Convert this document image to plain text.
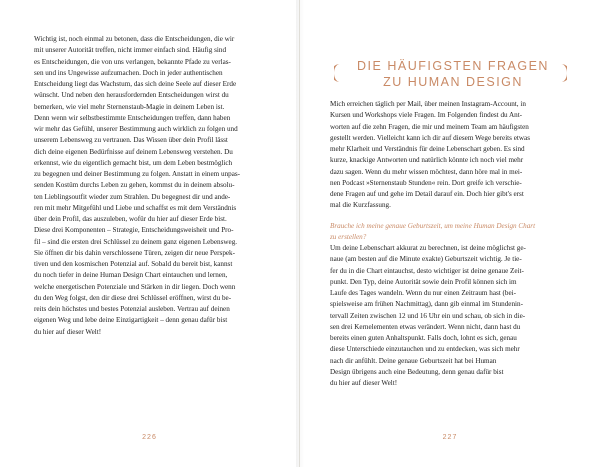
Wichtig ist, noch einmal zu betonen, dass die Entscheidungen, die wir
mit unserer Autorität treffen, nicht immer einfach sind. Häufig sind
es Entscheidungen, die von uns verlangen, bekannte Pfade zu verlas-
sen und ins Ungewisse aufzumachen. Doch in jeder authentischen
Entscheidung liegt das Wachstum, das sich deine Seele auf dieser Erde
wünscht. Und neben den herausfordernden Entscheidungen wirst du
bemerken, wie viel mehr Sternenstaub-Magie in deinem Leben ist.
Denn wenn wir selbstbestimmte Entscheidungen treffen, dann haben
wir mehr das Gefühl, unserer Bestimmung auch wirklich zu folgen und
unserem Lebensweg zu vertrauen. Das Wissen über dein Profil lässt
dich deine eigenen Bedürfnisse auf deinem Lebensweg verstehen. Du
erkennst, wie du eigentlich gemacht bist, um dem Leben bestmöglich
zu begegnen und deiner Bestimmung zu folgen. Anstatt in einem unpas-
senden Kostüm durchs Leben zu gehen, kommst du in deinem absolu-
ten Lieblingsoutfit wieder zum Strahlen. Du begegnest dir und ande-
ren mit mehr Mitgefühl und Liebe und schaffst es mit dem Verständnis
über dein Profil, das auszuleben, wofür du hier auf dieser Erde bist.
Diese drei Komponenten – Strategie, Entscheidungsweisheit und Pro-
fil – sind die ersten drei Schlüssel zu deinem ganz eigenen Lebensweg.
Sie öffnen dir bis dahin verschlossene Türen, zeigen dir neue Perspek-
tiven und den kosmischen Potenzial auf. Sobald du bereit bist, kannst
du noch tiefer in deine Human Design Chart eintauchen und lernen,
welche energetischen Potenziale und Stärken in dir liegen. Doch wenn
du den Weg folgst, den dir diese drei Schlüssel eröffnen, wirst du be-
reits dein höchstes und bestes Potenzial ausleben. Vertrau auf deinen
eigenen Weg und lebe deine Einzigartigkeit – denn genau dafür bist
du hier auf dieser Welt!
226
DIE HÄUFIGSTEN FRAGEN
ZU HUMAN DESIGN
Mich erreichen täglich per Mail, über meinen Instagram-Account, in
Kursen und Workshops viele Fragen. Im Folgenden findest du Ant-
worten auf die zehn Fragen, die mir und meinem Team am häufigsten
gestellt werden. Vielleicht kann ich dir auf diesem Wege bereits etwas
mehr Klarheit und Verständnis für deine Lebenschart geben. Es sind
kurze, knackige Antworten und natürlich könnte ich noch viel mehr
dazu sagen. Wenn du mehr wissen möchtest, dann höre mal in mei-
nen Podcast »Sternenstaub Stunden« rein. Dort greife ich verschie-
dene Fragen auf und gehe im Detail darauf ein. Doch hier gibt's erst
mal die Kurzfassung.
Brauche ich meine genaue Geburtszeit, um meine Human Design Chart
zu erstellen?
Um deine Lebenschart akkurat zu berechnen, ist deine möglichst ge-
naue (am besten auf die Minute exakte) Geburtszeit wichtig. Je tie-
fer du in die Chart eintauchst, desto wichtiger ist deine genaue Zeit-
punkt. Den Typ, deine Autorität sowie dein Profil können sich im
Laufe des Tages wandeln. Wenn du nur einen Zeitraum hast (bei-
spielsweise am frühen Nachmittag), dann gib einmal im Stundenin-
tervall Zeiten zwischen 12 und 16 Uhr ein und schau, ob sich in die-
sen drei Kernelementen etwas verändert. Wenn nicht, dann hast du
bereits einen guten Anhaltspunkt. Falls doch, lohnt es sich, genau
diese Unterschiede einzutauchen und zu entdecken, was sich mehr
nach dir anfühlt. Deine genaue Geburtszeit hat bei Human
Design übrigens auch eine Bedeutung, denn genau dafür bist
du hier auf dieser Welt!
227
